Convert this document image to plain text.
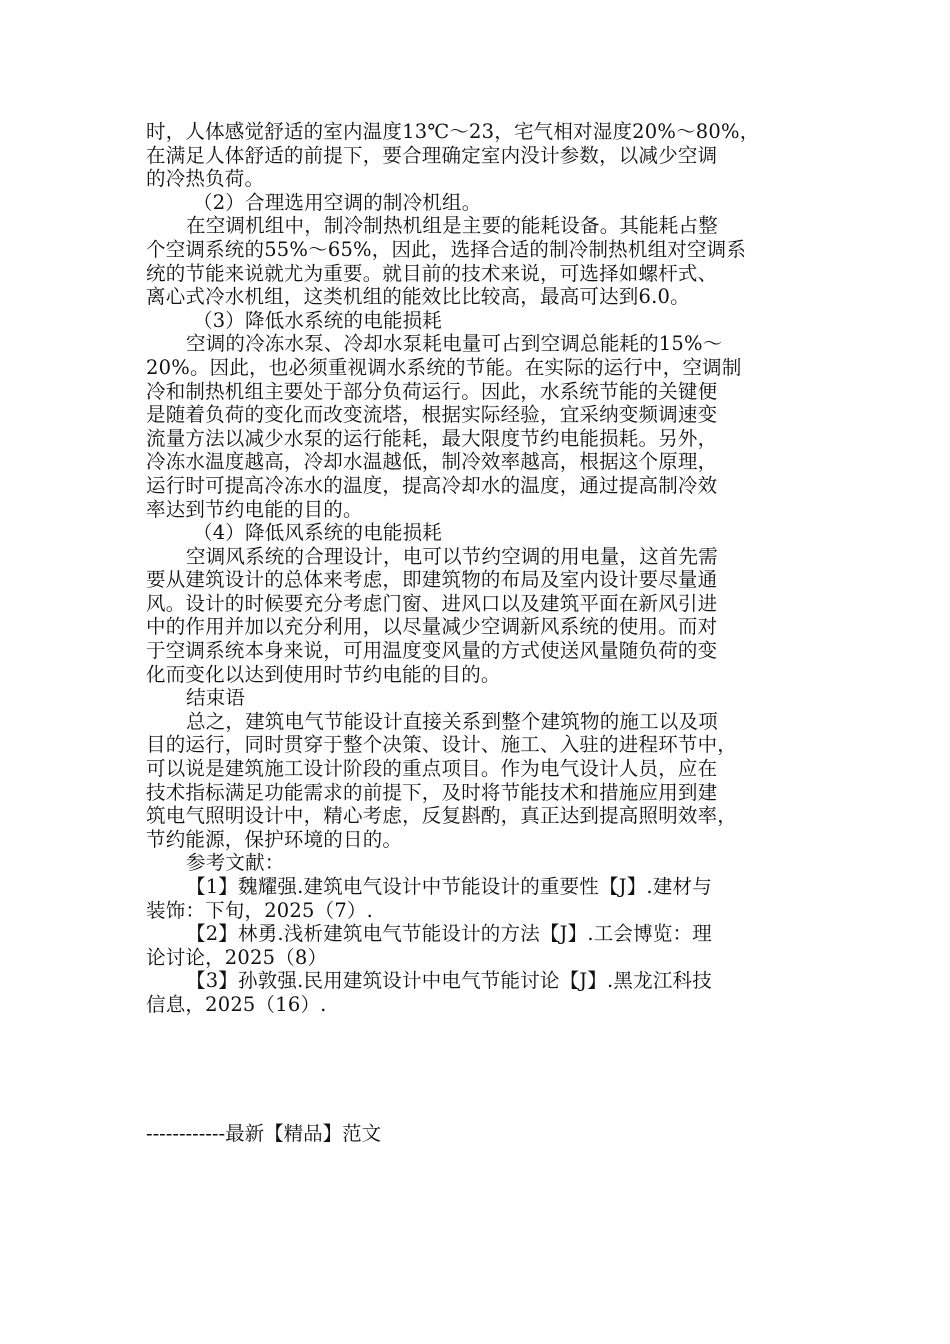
时，人体感觉舒适的室内温度13℃～23，宅气相对湿度20%～80%，
在满足人体舒适的前提下，要合理确定室内没计参数，以减少空调
的冷热负荷。
（2）合理选用空调的制冷机组。
在空调机组中，制冷制热机组是主要的能耗设备。其能耗占整
个空调系统的55%～65%，因此，选择合适的制冷制热机组对空调系
统的节能来说就尤为重要。就目前的技术来说，可选择如螺杆式、
离心式冷水机组，这类机组的能效比比较高，最高可达到6.0。
（3）降低水系统的电能损耗
空调的冷冻水泵、冷却水泵耗电量可占到空调总能耗的15%～
20%。因此，也必须重视调水系统的节能。在实际的运行中，空调制
冷和制热机组主要处于部分负荷运行。因此，水系统节能的关键便
是随着负荷的变化而改变流塔，根据实际经验，宜采纳变频调速变
流量方法以减少水泵的运行能耗，最大限度节约电能损耗。另外，
冷冻水温度越高，冷却水温越低，制冷效率越高，根据这个原理，
运行时可提高冷冻水的温度，提高冷却水的温度，通过提高制冷效
率达到节约电能的目的。
（4）降低风系统的电能损耗
空调风系统的合理设计，电可以节约空调的用电量，这首先需
要从建筑设计的总体来考虑，即建筑物的布局及室内设计要尽量通
风。设计的时候要充分考虑门窗、进风口以及建筑平面在新风引进
中的作用并加以充分利用，以尽量减少空调新风系统的使用。而对
于空调系统本身来说，可用温度变风量的方式使送风量随负荷的变
化而变化以达到使用时节约电能的目的。
结束语
总之，建筑电气节能设计直接关系到整个建筑物的施工以及项
目的运行，同时贯穿于整个决策、设计、施工、入驻的进程环节中，
可以说是建筑施工设计阶段的重点项目。作为电气设计人员，应在
技术指标满足功能需求的前提下，及时将节能技术和措施应用到建
筑电气照明设计中，精心考虑，反复斟酌，真正达到提高照明效率，
节约能源，保护环境的日的。
参考文献：
【1】魏耀强.建筑电气设计中节能设计的重要性【J】.建材与
装饰：下旬，2025（7）.
【2】林勇.浅析建筑电气节能设计的方法【J】.工会博览：理
论讨论，2025（8）
【3】孙敦强.民用建筑设计中电气节能讨论【J】.黑龙江科技
信息，2025（16）.
------------最新【精品】范文
